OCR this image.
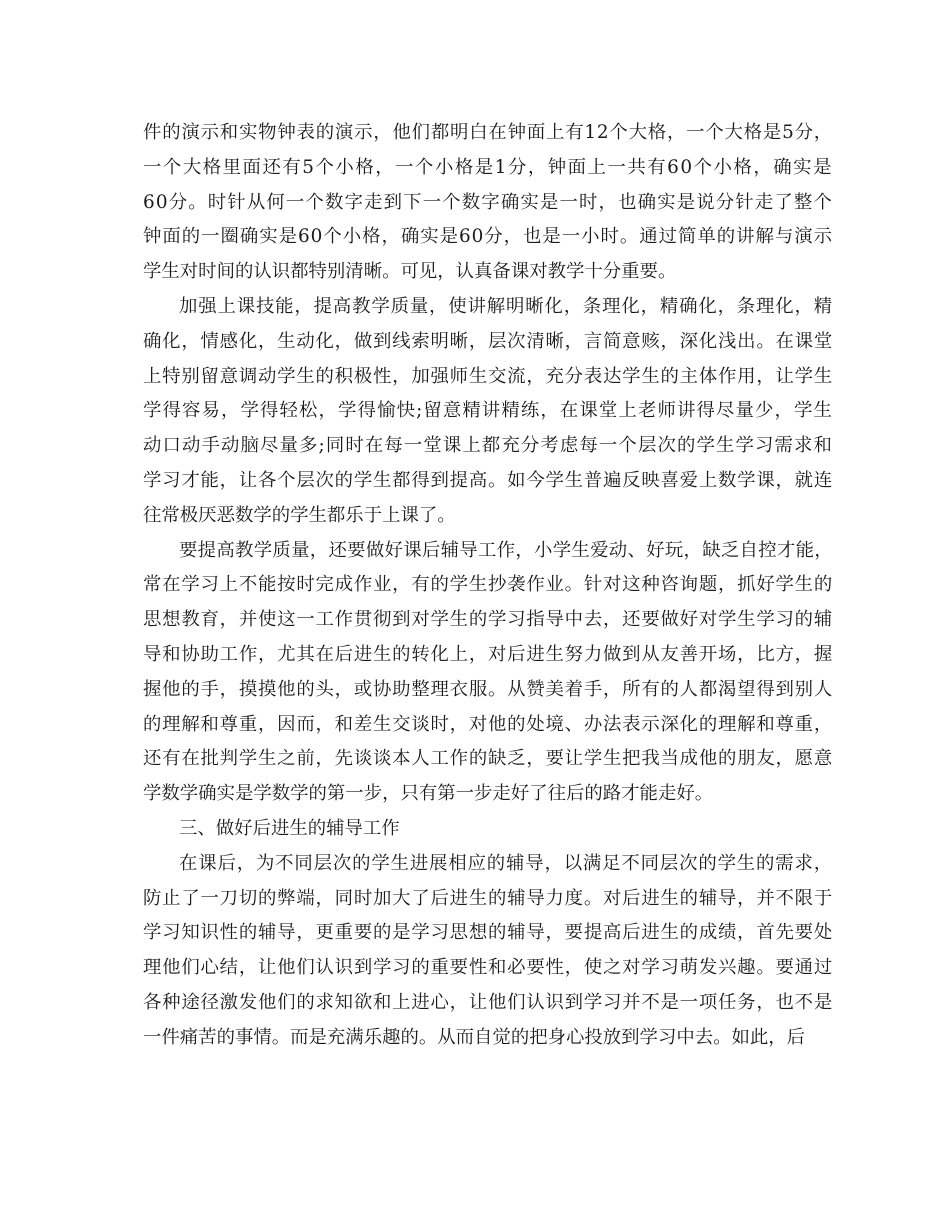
件的演示和实物钟表的演示，他们都明白在钟面上有12个大格，一个大格是5分，
一个大格里面还有5个小格，一个小格是1分，钟面上一共有60个小格，确实是
60分。时针从何一个数字走到下一个数字确实是一时，也确实是说分针走了整个
钟面的一圈确实是60个小格，确实是60分，也是一小时。通过简单的讲解与演示
学生对时间的认识都特别清晰。可见，认真备课对教学十分重要。
加强上课技能，提高教学质量，使讲解明晰化，条理化，精确化，条理化，精
确化，情感化，生动化，做到线索明晰，层次清晰，言简意赅，深化浅出。在课堂
上特别留意调动学生的积极性，加强师生交流，充分表达学生的主体作用，让学生
学得容易，学得轻松，学得愉快;留意精讲精练，在课堂上老师讲得尽量少，学生
动口动手动脑尽量多;同时在每一堂课上都充分考虑每一个层次的学生学习需求和
学习才能，让各个层次的学生都得到提高。如今学生普遍反映喜爱上数学课，就连
往常极厌恶数学的学生都乐于上课了。
要提高教学质量，还要做好课后辅导工作，小学生爱动、好玩，缺乏自控才能，
常在学习上不能按时完成作业，有的学生抄袭作业。针对这种咨询题，抓好学生的
思想教育，并使这一工作贯彻到对学生的学习指导中去，还要做好对学生学习的辅
导和协助工作，尤其在后进生的转化上，对后进生努力做到从友善开场，比方，握
握他的手，摸摸他的头，或协助整理衣服。从赞美着手，所有的人都渴望得到别人
的理解和尊重，因而，和差生交谈时，对他的处境、办法表示深化的理解和尊重，
还有在批判学生之前，先谈谈本人工作的缺乏，要让学生把我当成他的朋友，愿意
学数学确实是学数学的第一步，只有第一步走好了往后的路才能走好。
三、做好后进生的辅导工作
在课后，为不同层次的学生进展相应的辅导，以满足不同层次的学生的需求，
防止了一刀切的弊端，同时加大了后进生的辅导力度。对后进生的辅导，并不限于
学习知识性的辅导，更重要的是学习思想的辅导，要提高后进生的成绩，首先要处
理他们心结，让他们认识到学习的重要性和必要性，使之对学习萌发兴趣。要通过
各种途径激发他们的求知欲和上进心，让他们认识到学习并不是一项任务，也不是
一件痛苦的事情。而是充满乐趣的。从而自觉的把身心投放到学习中去。如此，后
